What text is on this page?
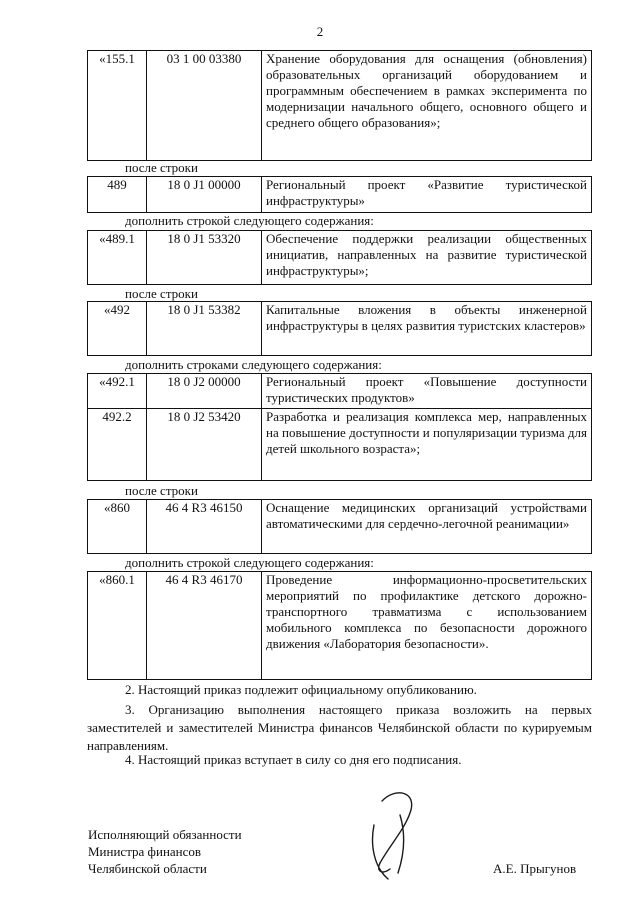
2
«155.1	03 1 00 03380	Хранение оборудования для оснащения (обновления) образовательных организаций оборудованием и программным обеспечением в рамках эксперимента по модернизации начального общего, основного общего и среднего общего образования»;
после строки
489	18 0 J1 00000	Региональный проект «Развитие туристической инфраструктуры»
дополнить строкой следующего содержания:
«489.1	18 0 J1 53320	Обеспечение поддержки реализации общественных инициатив, направленных на развитие туристической инфраструктуры»;
после строки
«492	18 0 J1 53382	Капитальные вложения в объекты инженерной инфраструктуры в целях развития туристских кластеров»
дополнить строками следующего содержания:
«492.1	18 0 J2 00000	Региональный проект «Повышение доступности туристических продуктов»
492.2	18 0 J2 53420	Разработка и реализация комплекса мер, направленных на повышение доступности и популяризации туризма для детей школьного возраста»;
после строки
«860	46 4 R3 46150	Оснащение медицинских организаций устройствами автоматическими для сердечно-легочной реанимации»
дополнить строкой следующего содержания:
«860.1	46 4 R3 46170	Проведение информационно-просветительских мероприятий по профилактике детского дорожно-транспортного травматизма с использованием мобильного комплекса по безопасности дорожного движения «Лаборатория безопасности».
2. Настоящий приказ подлежит официальному опубликованию.
3. Организацию выполнения настоящего приказа возложить на первых заместителей и заместителей Министра финансов Челябинской области по курируемым направлениям.
4. Настоящий приказ вступает в силу со дня его подписания.
Исполняющий обязанности
Министра финансов
Челябинской области	А.Е. Прыгунов
